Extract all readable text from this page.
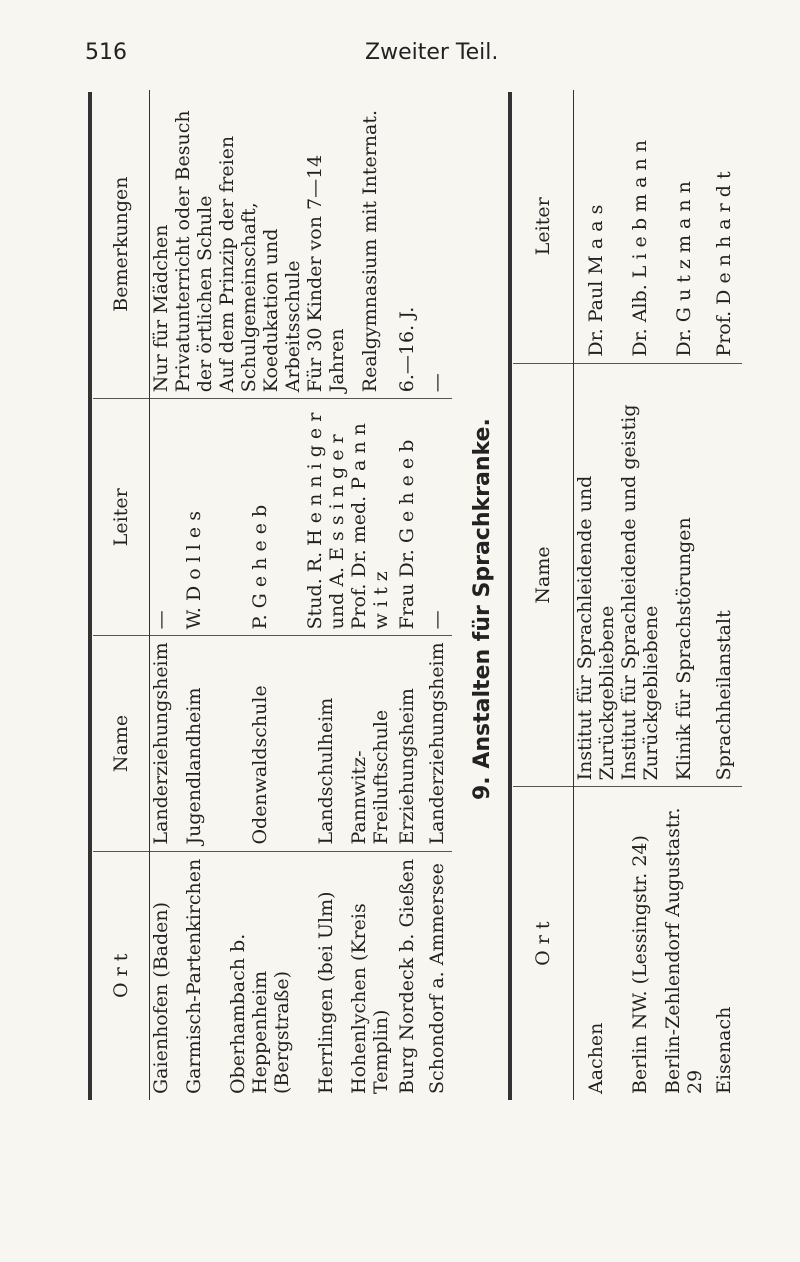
516	Zweiter Teil.
O r t	Name	Leiter	Bemerkungen
Gaienhofen (Baden)	Landerziehungsheim	—	Nur für Mädchen
Garmisch-Partenkirchen	Jugendlandheim	W. D o l l e s	Privatunterricht oder Besuch der örtlichen Schule
Oberhambach b. Heppenheim (Bergstraße)	Odenwaldschule	P. G e h e e b	Auf dem Prinzip der freien Schulgemeinschaft, Koedukation und Arbeitsschule
Herrlingen (bei Ulm)	Landschulheim	Stud. R. H e n n i g e r und A. E s s i n g e r	Für 30 Kinder von 7—14 Jahren
Hohenlychen (Kreis Templin)	Pannwitz-Freiluftschule	Prof. Dr. med. P a n n w i t z	Realgymnasium mit Internat.
Burg Nordeck b. Gießen	Erziehungsheim	Frau Dr. G e h e e b	6.—16. J.
Schondorf a. Ammersee	Landerziehungsheim	—	—
9. Anstalten für Sprachkranke.
O r t	Name	Leiter
Aachen	Institut für Sprachleidende und Zurückgebliebene	Dr. Paul M a a s
Berlin NW. (Lessingstr. 24)	Institut für Sprachleidende und geistig Zurückgebliebene	Dr. Alb. L i e b m a n n
Berlin-Zehlendorf Augustastr. 29	Klinik für Sprachstörungen	Dr. G u t z m a n n
Eisenach	Sprachheilanstalt	Prof. D e n h a r d t
